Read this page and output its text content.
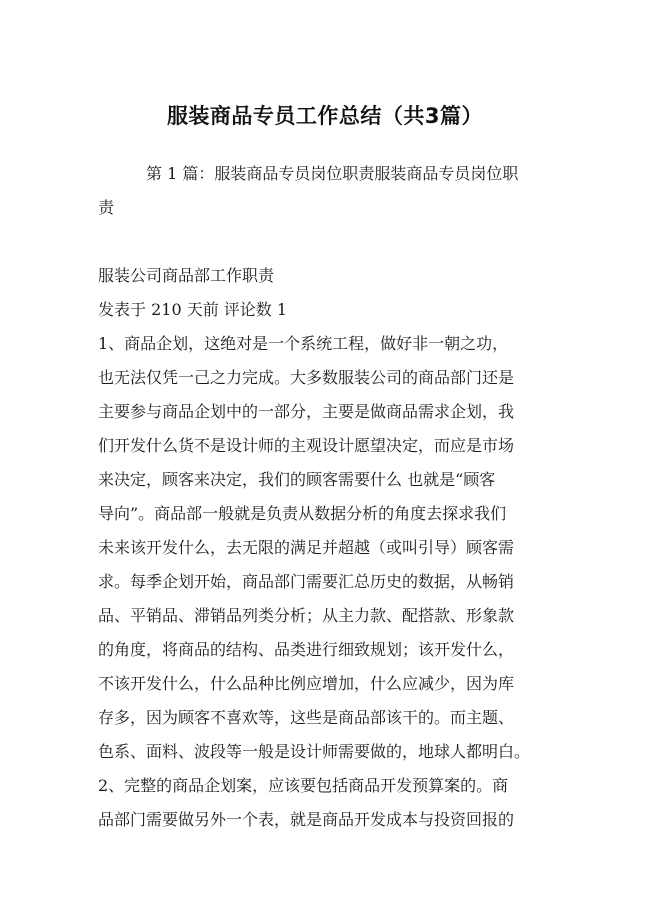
服装商品专员工作总结（共3篇）
第 1 篇：服装商品专员岗位职责服装商品专员岗位职
责
服装公司商品部工作职责
发表于 210 天前 评论数 1
1、商品企划，这绝对是一个系统工程，做好非一朝之功，
也无法仅凭一己之力完成。大多数服装公司的商品部门还是
主要参与商品企划中的一部分，主要是做商品需求企划，我
们开发什么货不是设计师的主观设计愿望决定，而应是市场
来决定，顾客来决定，我们的顾客需要什么 也就是“顾客
导向”。商品部一般就是负责从数据分析的角度去探求我们
未来该开发什么，去无限的满足并超越（或叫引导）顾客需
求。每季企划开始，商品部门需要汇总历史的数据，从畅销
品、平销品、滞销品列类分析；从主力款、配搭款、形象款
的角度，将商品的结构、品类进行细致规划；该开发什么，
不该开发什么，什么品种比例应增加，什么应减少，因为库
存多，因为顾客不喜欢等，这些是商品部该干的。而主题、
色系、面料、波段等一般是设计师需要做的，地球人都明白。
2、完整的商品企划案，应该要包括商品开发预算案的。商
品部门需要做另外一个表，就是商品开发成本与投资回报的
